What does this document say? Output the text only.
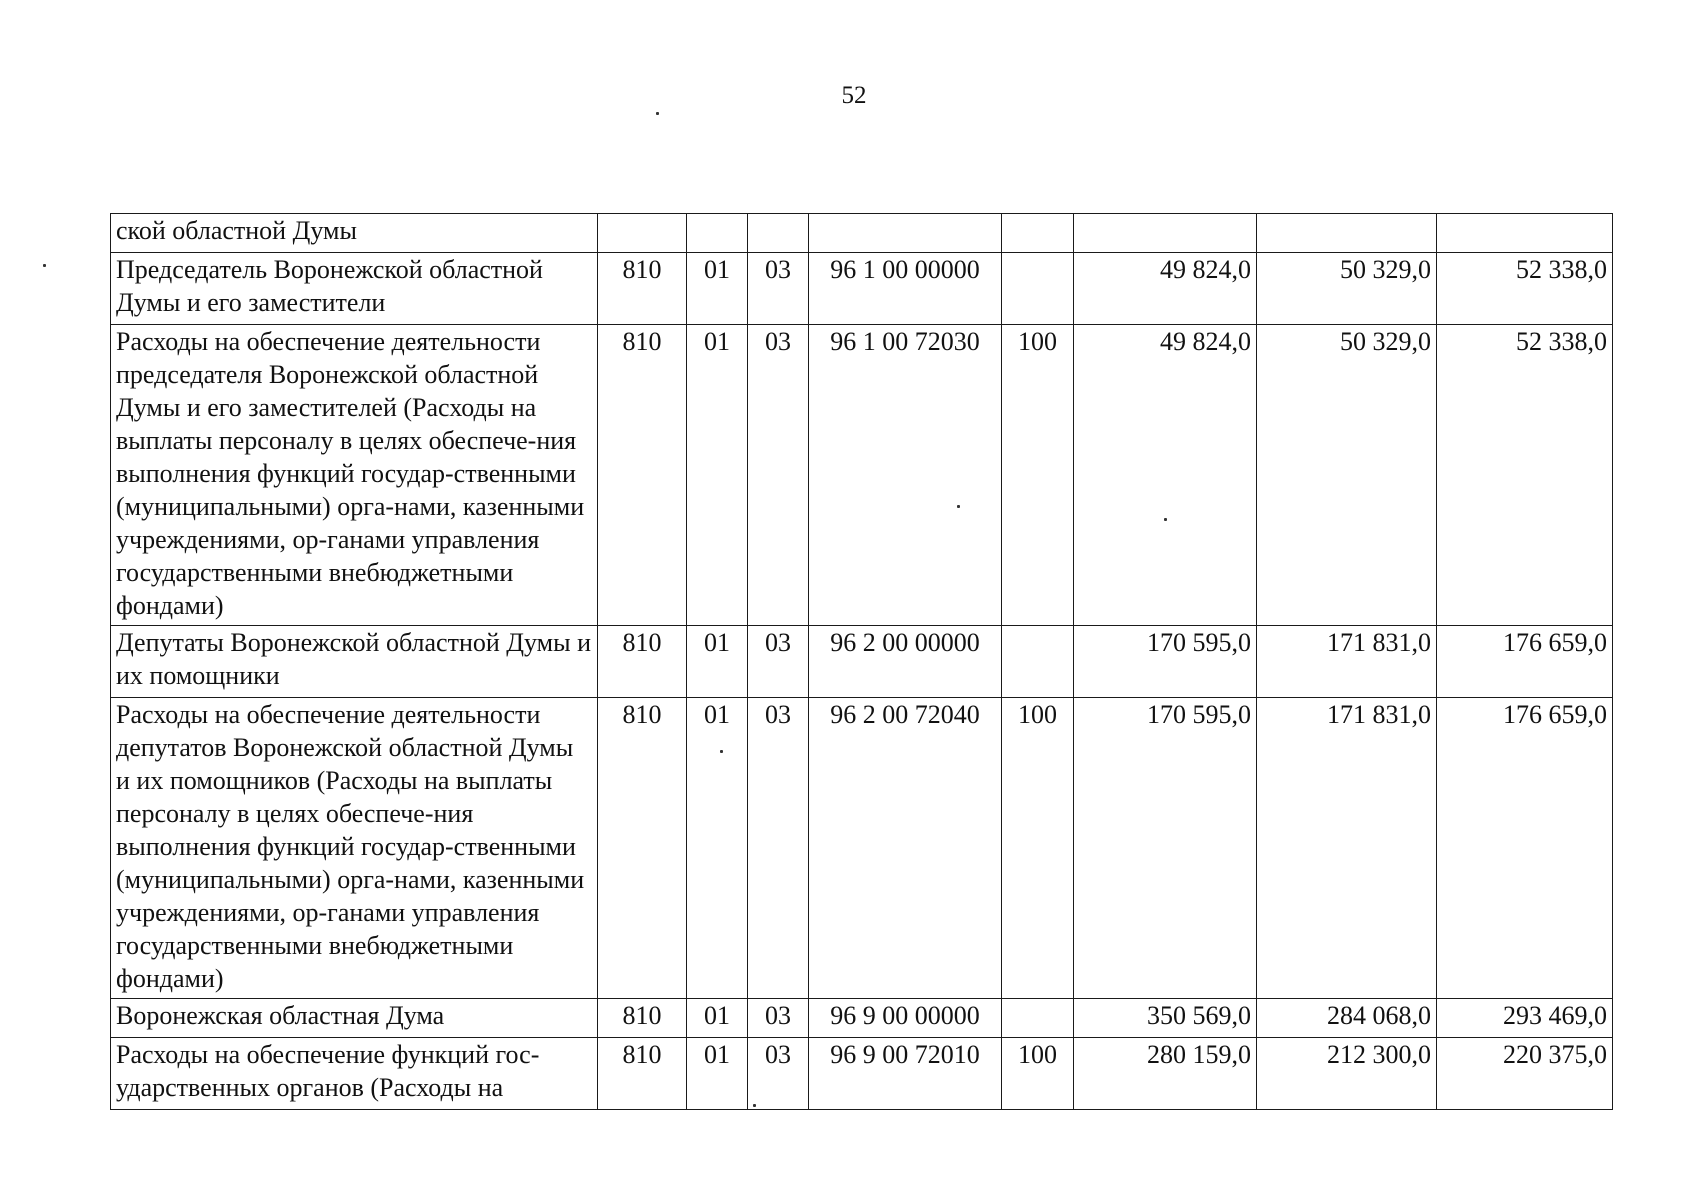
52
ской областной Думы								
Председатель Воронежской областной Думы и его заместители	810	01	03	96 1 00 00000		49 824,0	50 329,0	52 338,0
Расходы на обеспечение деятельности председателя Воронежской областной Думы и его заместителей (Расходы на выплаты персоналу в целях обеспече-ния выполнения функций государ-ственными (муниципальными) орга-нами, казенными учреждениями, ор-ганами управления государственными внебюджетными фондами)	810	01	03	96 1 00 72030	100	49 824,0	50 329,0	52 338,0
Депутаты Воронежской областной Думы и их помощники	810	01	03	96 2 00 00000		170 595,0	171 831,0	176 659,0
Расходы на обеспечение деятельности депутатов Воронежской областной Думы и их помощников (Расходы на выплаты персоналу в целях обеспече-ния выполнения функций государ-ственными (муниципальными) орга-нами, казенными учреждениями, ор-ганами управления государственными внебюджетными фондами)	810	01	03	96 2 00 72040	100	170 595,0	171 831,0	176 659,0
Воронежская областная Дума	810	01	03	96 9 00 00000		350 569,0	284 068,0	293 469,0
Расходы на обеспечение функций гос-ударственных органов (Расходы на	810	01	03	96 9 00 72010	100	280 159,0	212 300,0	220 375,0
